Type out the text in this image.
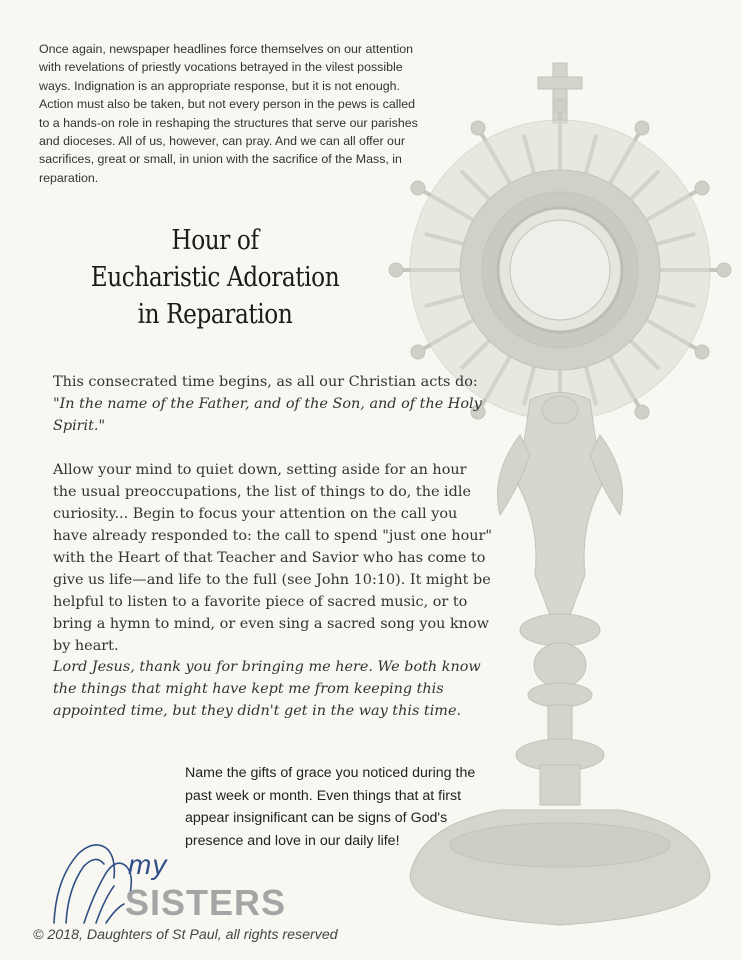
Once again, newspaper headlines force themselves on our attention with revelations of priestly vocations betrayed in the vilest possible ways. Indignation is an appropriate response, but it is not enough. Action must also be taken, but not every person in the pews is called to a hands-on role in reshaping the structures that serve our parishes and dioceses. All of us, however, can pray. And we can all offer our sacrifices, great or small, in union with the sacrifice of the Mass, in reparation.
Hour of
Eucharistic Adoration
in Reparation

This consecrated time begins, as all our Christian acts do:

"In the name of the Father, and of the Son, and of the Holy Spirit."

Allow your mind to quiet down, setting aside for an hour the usual preoccupations, the list of things to do, the idle curiosity... Begin to focus your attention on the call you have already responded to: the call to spend "just one hour" with the Heart of that Teacher and Savior who has come to give us life—and life to the full (see John 10:10). It might be helpful to listen to a favorite piece of sacred music, or to bring a hymn to mind, or even sing a sacred song you know by heart.

Lord Jesus, thank you for bringing me here. We both know the things that might have kept me from keeping this appointed time, but they didn't get in the way this time.

Name the gifts of grace you noticed during the past week or month. Even things that at first appear insignificant can be signs of God's presence and love in our daily life!
my
SISTERS
© 2018, Daughters of St Paul, all rights reserved
